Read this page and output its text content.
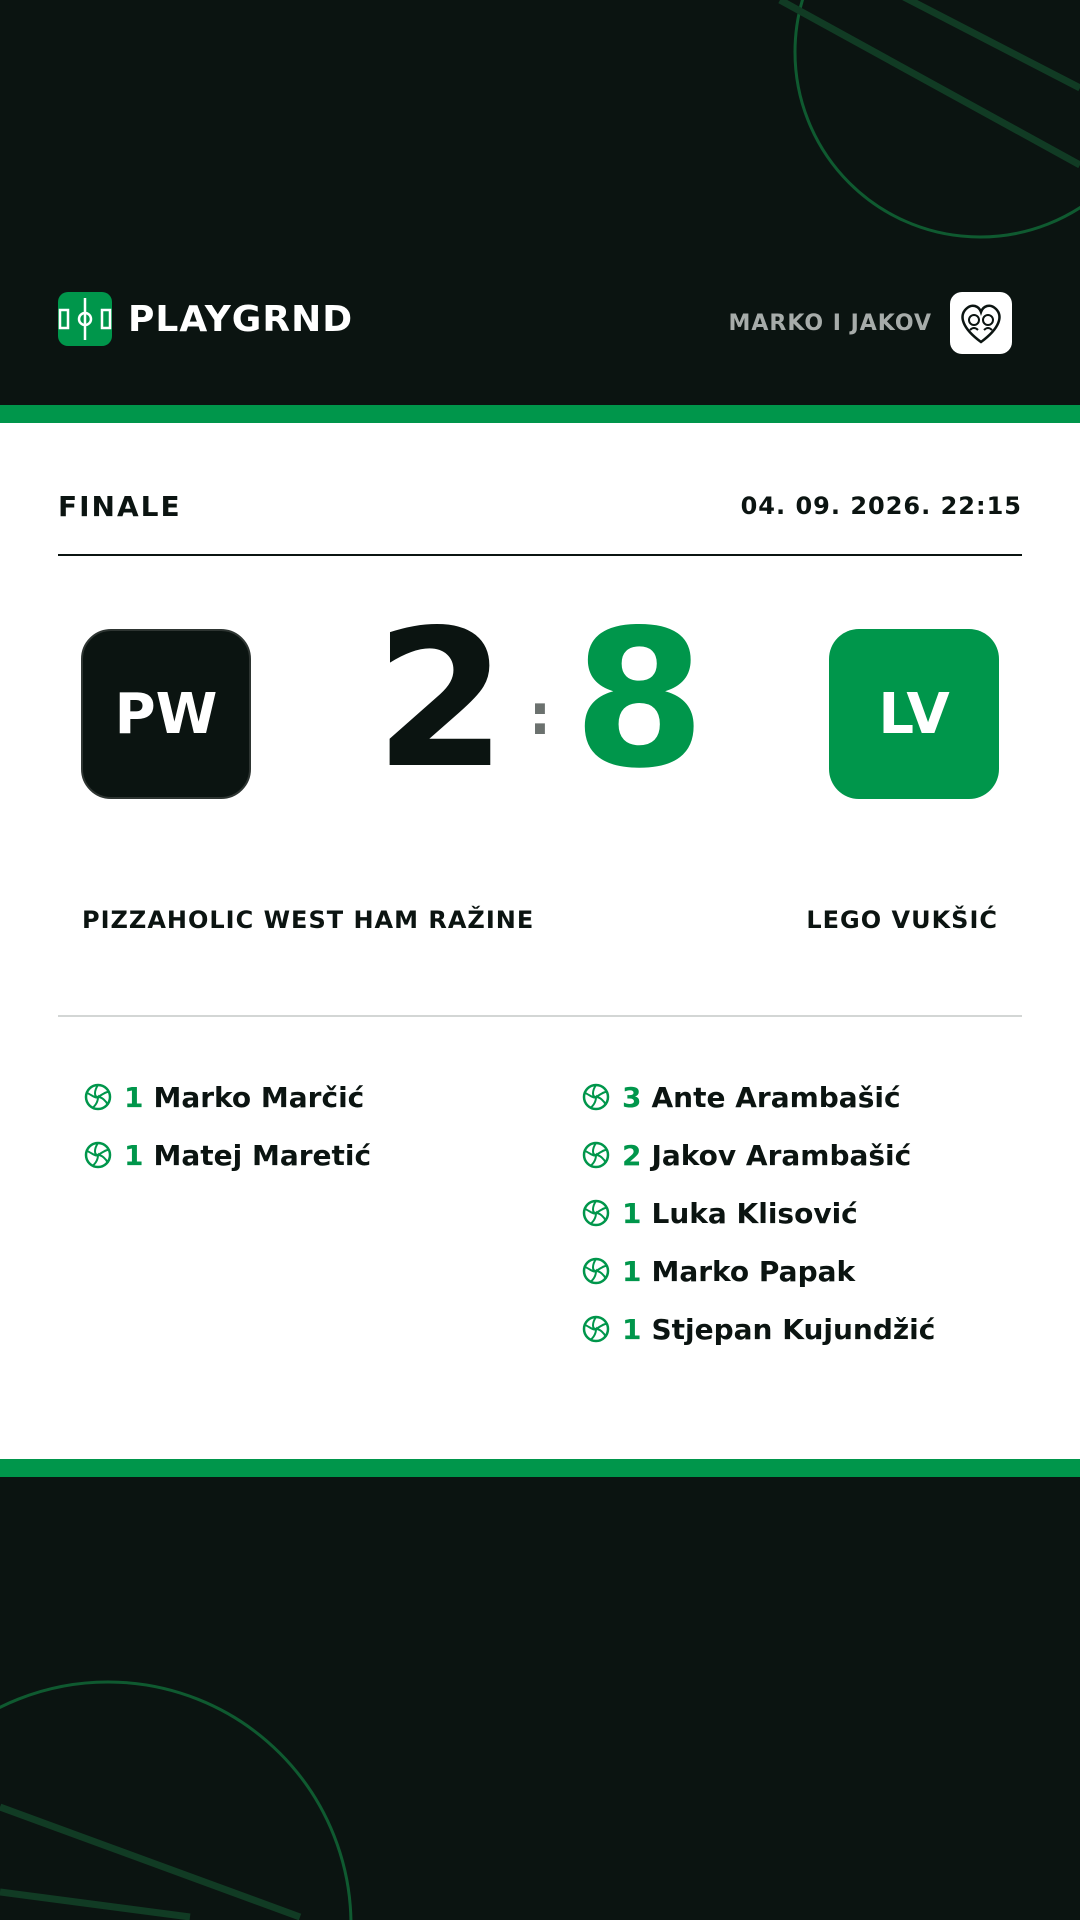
PLAYGRND	MARKO I JAKOV
FINALE	04. 09. 2026. 22:15
PW 2 : 8	LV
PIZZAHOLIC WEST HAM RAŽINE	LEGO VUKŠIĆ
1 Marko Marčić
1 Matej Maretić
3 Ante Arambašić
2 Jakov Arambašić
1 Luka Klisović
1 Marko Papak
1 Stjepan Kujundžić
